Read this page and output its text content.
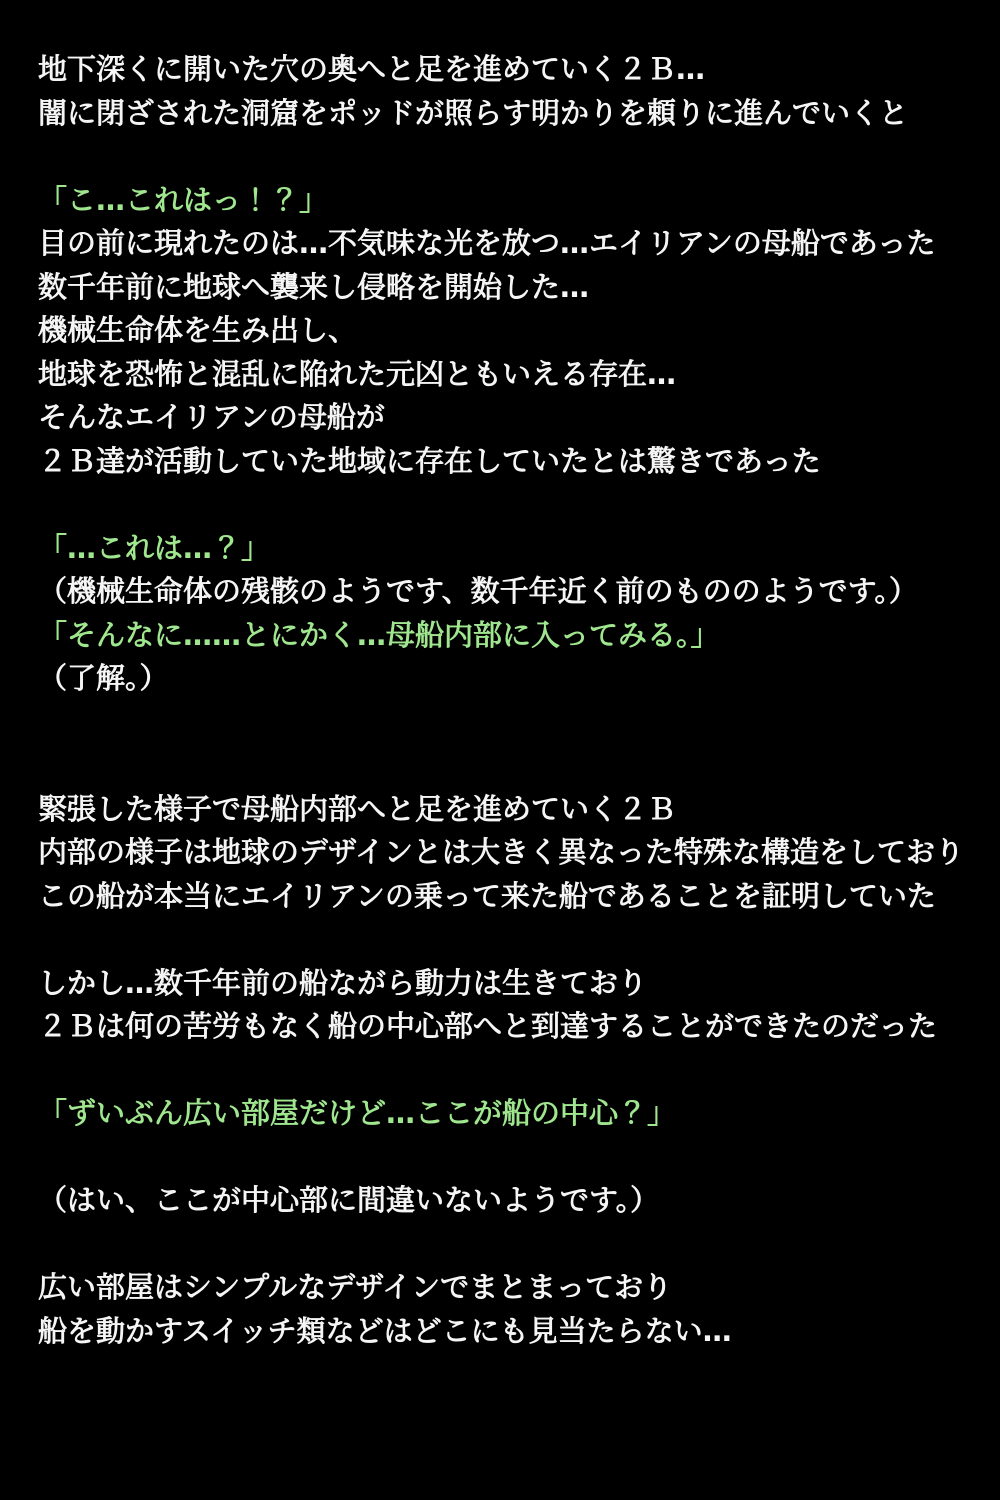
地下深くに開いた穴の奥へと足を進めていく２Ｂ…
闇に閉ざされた洞窟をポッドが照らす明かりを頼りに進んでいくと

「こ…これはっ！？」
目の前に現れたのは…不気味な光を放つ…エイリアンの母船であった
数千年前に地球へ襲来し侵略を開始した…
機械生命体を生み出し、
地球を恐怖と混乱に陥れた元凶ともいえる存在…
そんなエイリアンの母船が
２Ｂ達が活動していた地域に存在していたとは驚きであった

「…これは…？」
（機械生命体の残骸のようです、数千年近く前のもののようです。）
「そんなに……とにかく…母船内部に入ってみる。」
（了解。）

緊張した様子で母船内部へと足を進めていく２Ｂ
内部の様子は地球のデザインとは大きく異なった特殊な構造をしており
この船が本当にエイリアンの乗って来た船であることを証明していた

しかし…数千年前の船ながら動力は生きており
２Ｂは何の苦労もなく船の中心部へと到達することができたのだった

「ずいぶん広い部屋だけど…ここが船の中心？」

（はい、ここが中心部に間違いないようです。）

広い部屋はシンプルなデザインでまとまっており
船を動かすスイッチ類などはどこにも見当たらない…
